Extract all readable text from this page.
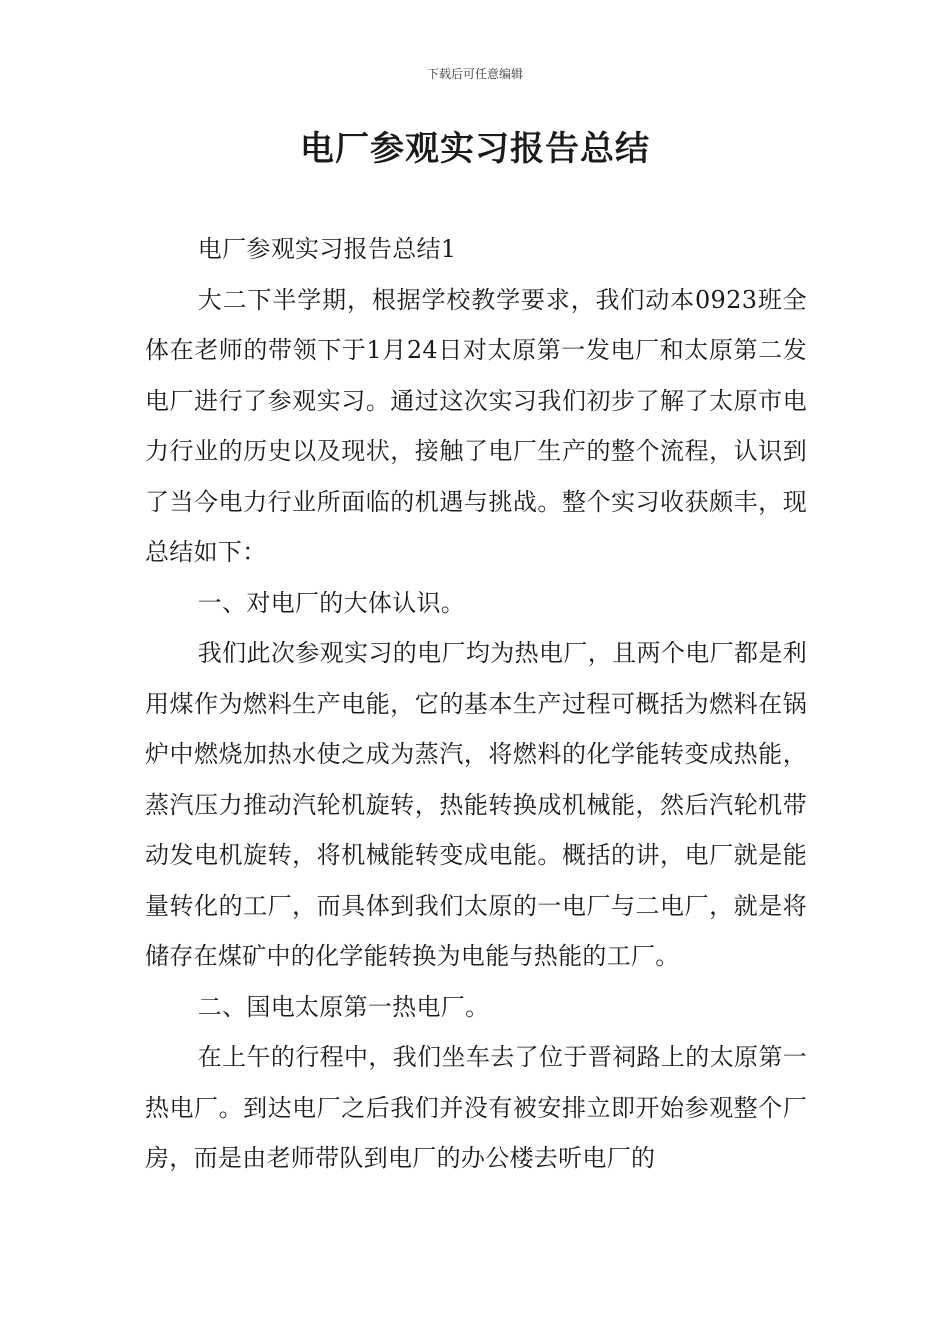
下载后可任意编辑
电厂参观实习报告总结

电厂参观实习报告总结1

大二下半学期，根据学校教学要求，我们动本0923班全体在老师的带领下于1月24日对太原第一发电厂和太原第二发电厂进行了参观实习。通过这次实习我们初步了解了太原市电力行业的历史以及现状，接触了电厂生产的整个流程，认识到了当今电力行业所面临的机遇与挑战。整个实习收获颇丰，现总结如下：

一、对电厂的大体认识。

我们此次参观实习的电厂均为热电厂，且两个电厂都是利用煤作为燃料生产电能，它的基本生产过程可概括为燃料在锅炉中燃烧加热水使之成为蒸汽，将燃料的化学能转变成热能，蒸汽压力推动汽轮机旋转，热能转换成机械能，然后汽轮机带动发电机旋转，将机械能转变成电能。概括的讲，电厂就是能量转化的工厂，而具体到我们太原的一电厂与二电厂，就是将储存在煤矿中的化学能转换为电能与热能的工厂。

二、国电太原第一热电厂。

在上午的行程中，我们坐车去了位于晋祠路上的太原第一热电厂。到达电厂之后我们并没有被安排立即开始参观整个厂房，而是由老师带队到电厂的办公楼去听电厂的
